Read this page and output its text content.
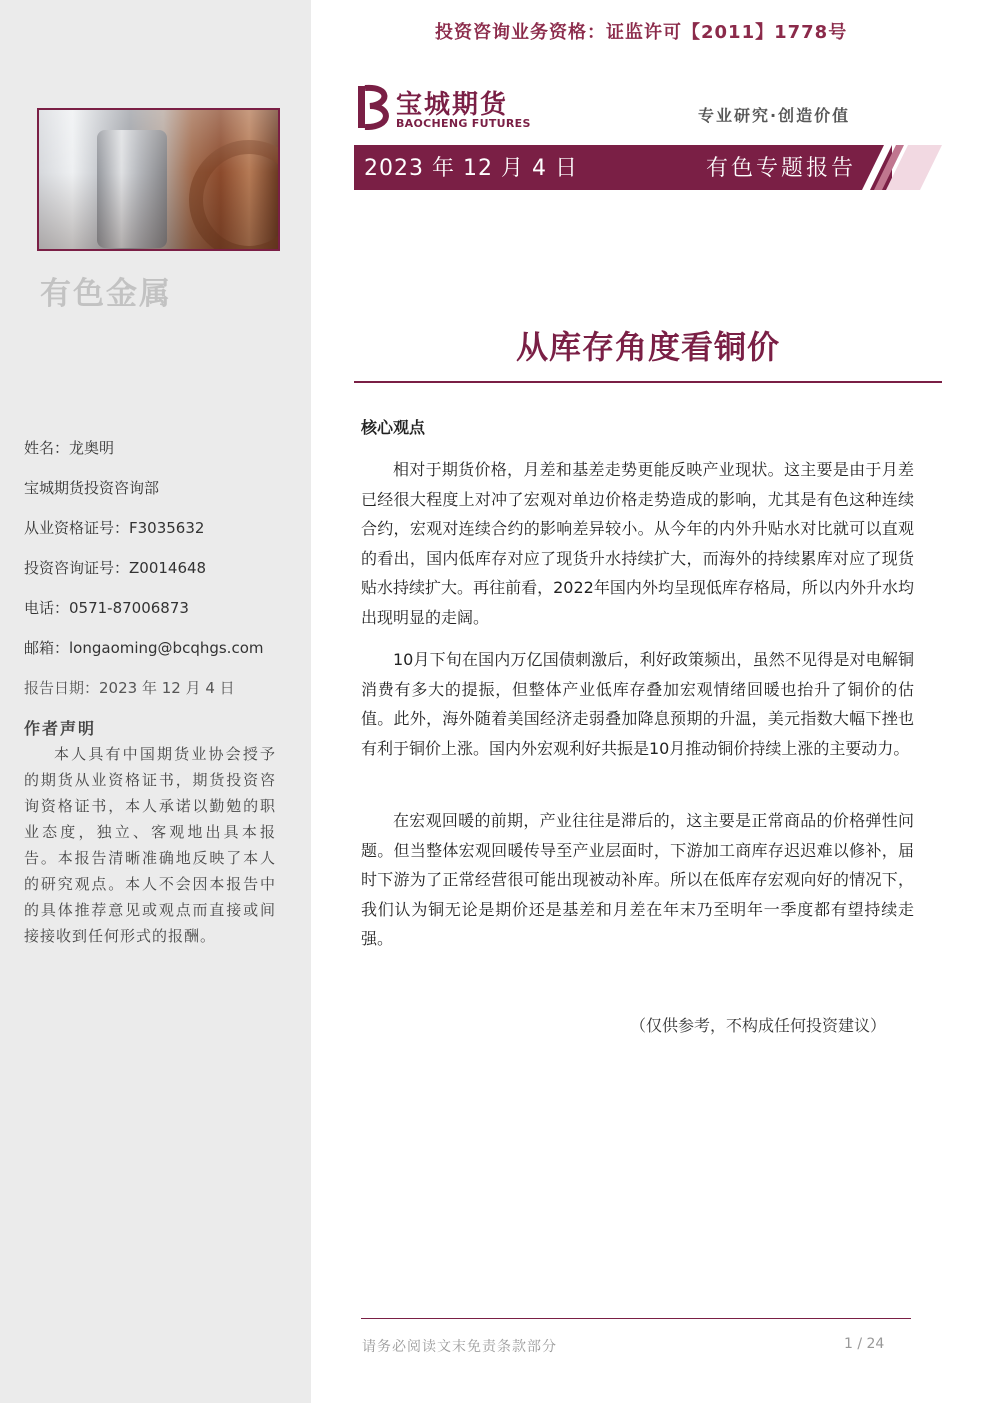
有色金属
姓名：龙奥明
宝城期货投资咨询部
从业资格证号：F3035632
投资咨询证号：Z0014648
电话：0571-87006873
邮箱：longaoming@bcqhgs.com
报告日期：2023 年 12 月 4 日
作者声明
本人具有中国期货业协会授予的期货从业资格证书，期货投资咨询资格证书，本人承诺以勤勉的职业态度，独立、客观地出具本报告。本报告清晰准确地反映了本人的研究观点。本人不会因本报告中的具体推荐意见或观点而直接或间接接收到任何形式的报酬。
投资咨询业务资格：证监许可【2011】1778号
宝城期货
BAOCHENG FUTURES	专业研究·创造价值
2023 年 12 月 4 日	有色专题报告
从库存角度看铜价
核心观点

相对于期货价格，月差和基差走势更能反映产业现状。这主要是由于月差已经很大程度上对冲了宏观对单边价格走势造成的影响，尤其是有色这种连续合约，宏观对连续合约的影响差异较小。从今年的内外升贴水对比就可以直观的看出，国内低库存对应了现货升水持续扩大，而海外的持续累库对应了现货贴水持续扩大。再往前看，2022年国内外均呈现低库存格局，所以内外升水均出现明显的走阔。

10月下旬在国内万亿国债刺激后，利好政策频出，虽然不见得是对电解铜消费有多大的提振，但整体产业低库存叠加宏观情绪回暖也抬升了铜价的估值。此外，海外随着美国经济走弱叠加降息预期的升温，美元指数大幅下挫也有利于铜价上涨。国内外宏观利好共振是10月推动铜价持续上涨的主要动力。

在宏观回暖的前期，产业往往是滞后的，这主要是正常商品的价格弹性问题。但当整体宏观回暖传导至产业层面时，下游加工商库存迟迟难以修补，届时下游为了正常经营很可能出现被动补库。所以在低库存宏观向好的情况下，我们认为铜无论是期价还是基差和月差在年末乃至明年一季度都有望持续走强。

（仅供参考，不构成任何投资建议）
请务必阅读文末免责条款部分	1 / 24
